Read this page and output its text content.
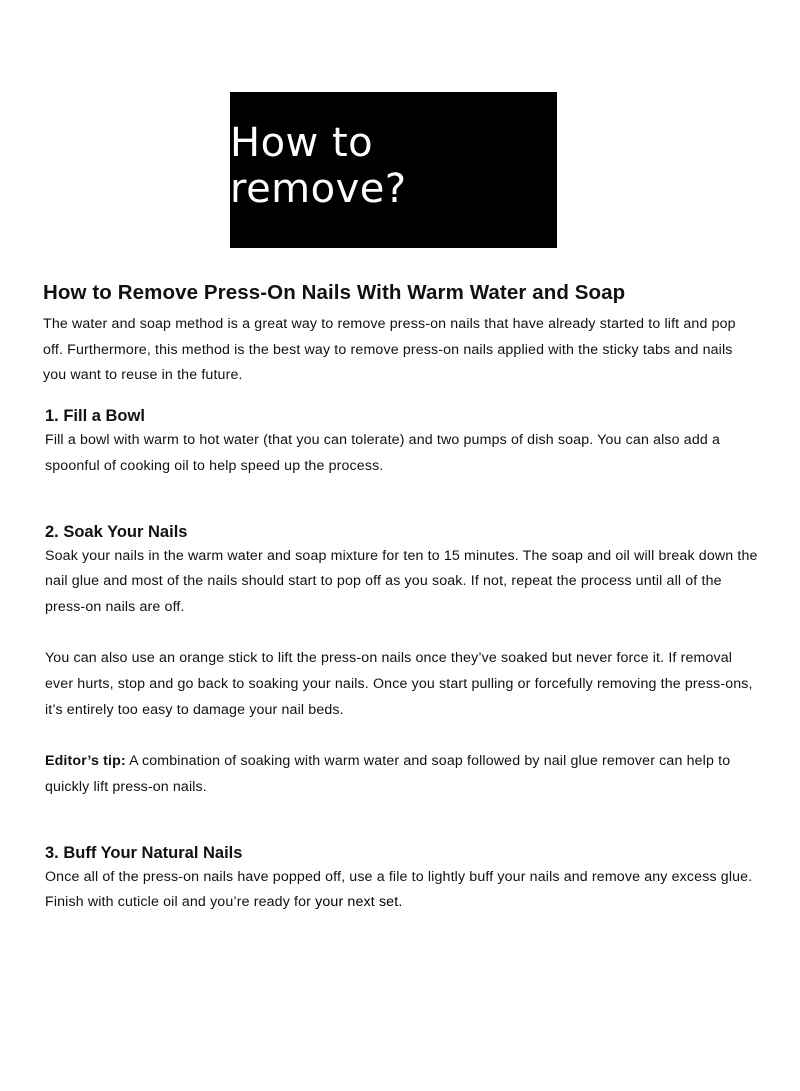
How to remove?
How to Remove Press-On Nails With Warm Water and Soap

The water and soap method is a great way to remove press-on nails that have already started to lift and pop off. Furthermore, this method is the best way to remove press-on nails applied with the sticky tabs and nails you want to reuse in the future.

1. Fill a Bowl

Fill a bowl with warm to hot water (that you can tolerate) and two pumps of dish soap. You can also add a spoonful of cooking oil to help speed up the process.

2. Soak Your Nails

Soak your nails in the warm water and soap mixture for ten to 15 minutes. The soap and oil will break down the nail glue and most of the nails should start to pop off as you soak. If not, repeat the process until all of the press-on nails are off.

You can also use an orange stick to lift the press-on nails once they’ve soaked but never force it. If removal ever hurts, stop and go back to soaking your nails. Once you start pulling or forcefully removing the press-ons, it’s entirely too easy to damage your nail beds.

Editor’s tip: A combination of soaking with warm water and soap followed by nail glue remover can help to quickly lift press-on nails.

3. Buff Your Natural Nails

Once all of the press-on nails have popped off, use a file to lightly buff your nails and remove any excess glue. Finish with cuticle oil and you’re ready for your next set.
